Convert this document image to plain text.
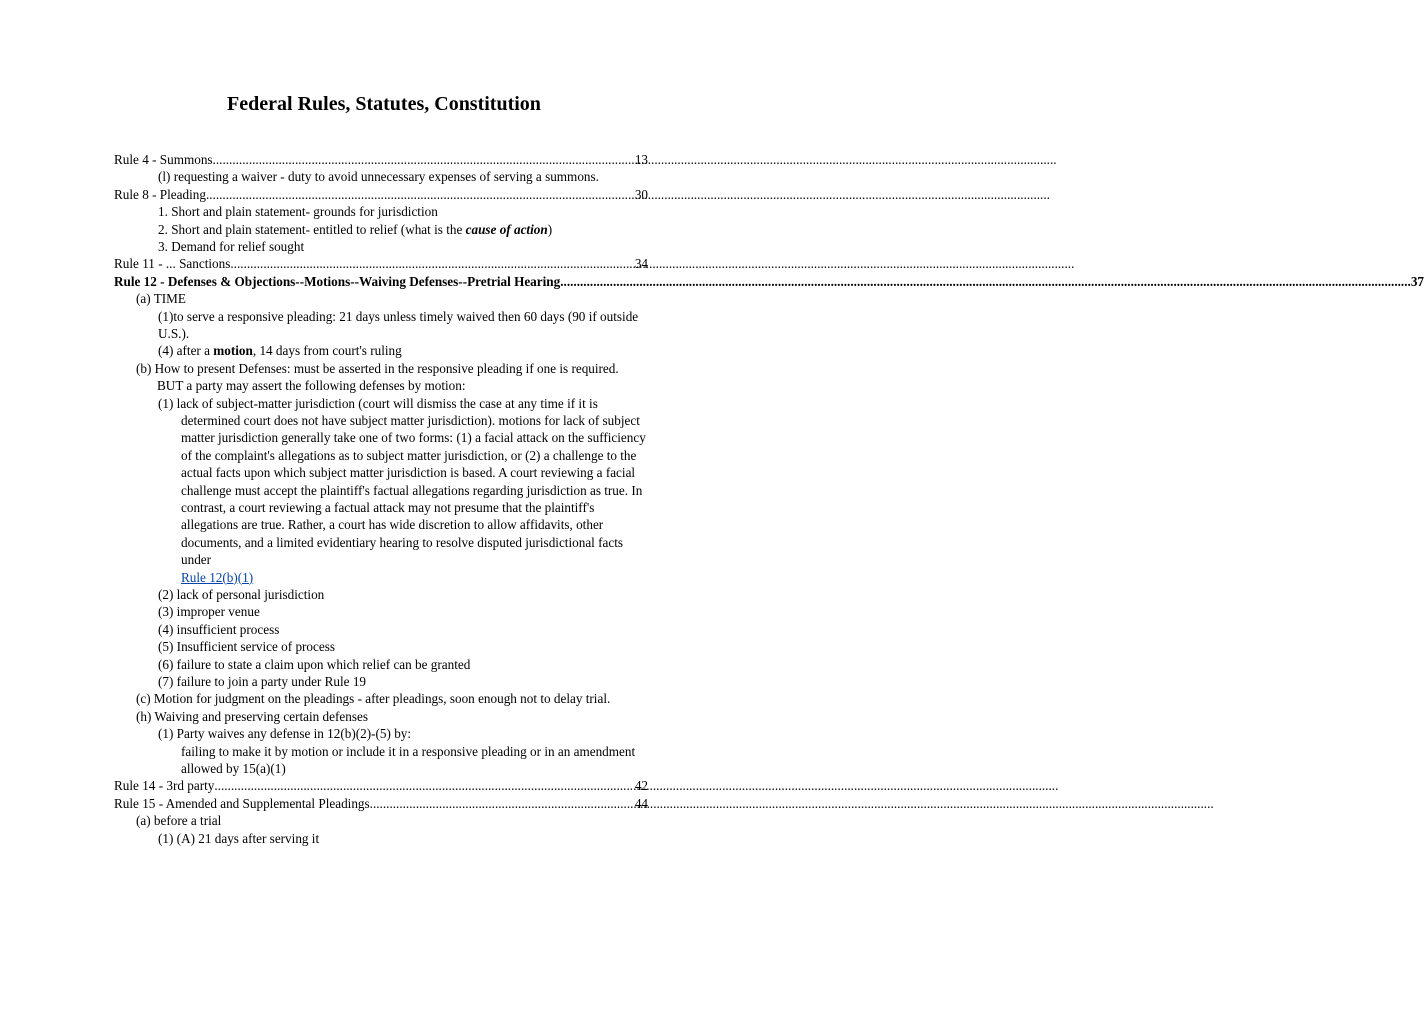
Federal Rules, Statutes, Constitution
Rule 4 - Summons .....	13
(l) requesting a waiver - duty to avoid unnecessary expenses of serving a summons.
Rule 8 - Pleading .....	30
1. Short and plain statement- grounds for jurisdiction
2. Short and plain statement- entitled to relief (what is the cause of action)
3. Demand for relief sought
Rule 11 - ... Sanctions .....	34
Rule 12 - Defenses & Objections--Motions--Waiving Defenses--Pretrial Hearing	..... .. 37
(a) TIME
(1)to serve a responsive pleading: 21 days unless timely waived then 60 days (90 if outside U.S.).
(4) after a motion, 14 days from court's ruling
(b) How to present Defenses: must be asserted in the responsive pleading if one is required. BUT a party may assert the following defenses by motion:
(1) lack of subject-matter jurisdiction (court will dismiss the case at any time if it is determined court does not have subject matter jurisdiction). motions for lack of subject matter jurisdiction generally take one of two forms: (1) a facial attack on the sufficiency of the complaint's allegations as to subject matter jurisdiction, or (2) a challenge to the actual facts upon which subject matter jurisdiction is based. A court reviewing a facial challenge must accept the plaintiff's factual allegations regarding jurisdiction as true. In contrast, a court reviewing a factual attack may not presume that the plaintiff's allegations are true. Rather, a court has wide discretion to allow affidavits, other documents, and a limited evidentiary hearing to resolve disputed jurisdictional facts under
Rule 12(b)(1)
(2) lack of personal jurisdiction
(3) improper venue
(4) insufficient process
(5) Insufficient service of process
(6) failure to state a claim upon which relief can be granted
(7) failure to join a party under Rule 19
(c) Motion for judgment on the pleadings - after pleadings, soon enough not to delay trial.
(h) Waiving and preserving certain defenses
(1) Party waives any defense in 12(b)(2)-(5) by:
failing to make it by motion or include it in a responsive pleading or in an amendment allowed by 15(a)(1)
Rule 14 - 3rd party .....	42
Rule 15 - Amended and Supplemental Pleadings .....	44
(a) before a trial
(1) (A) 21 days after serving it
